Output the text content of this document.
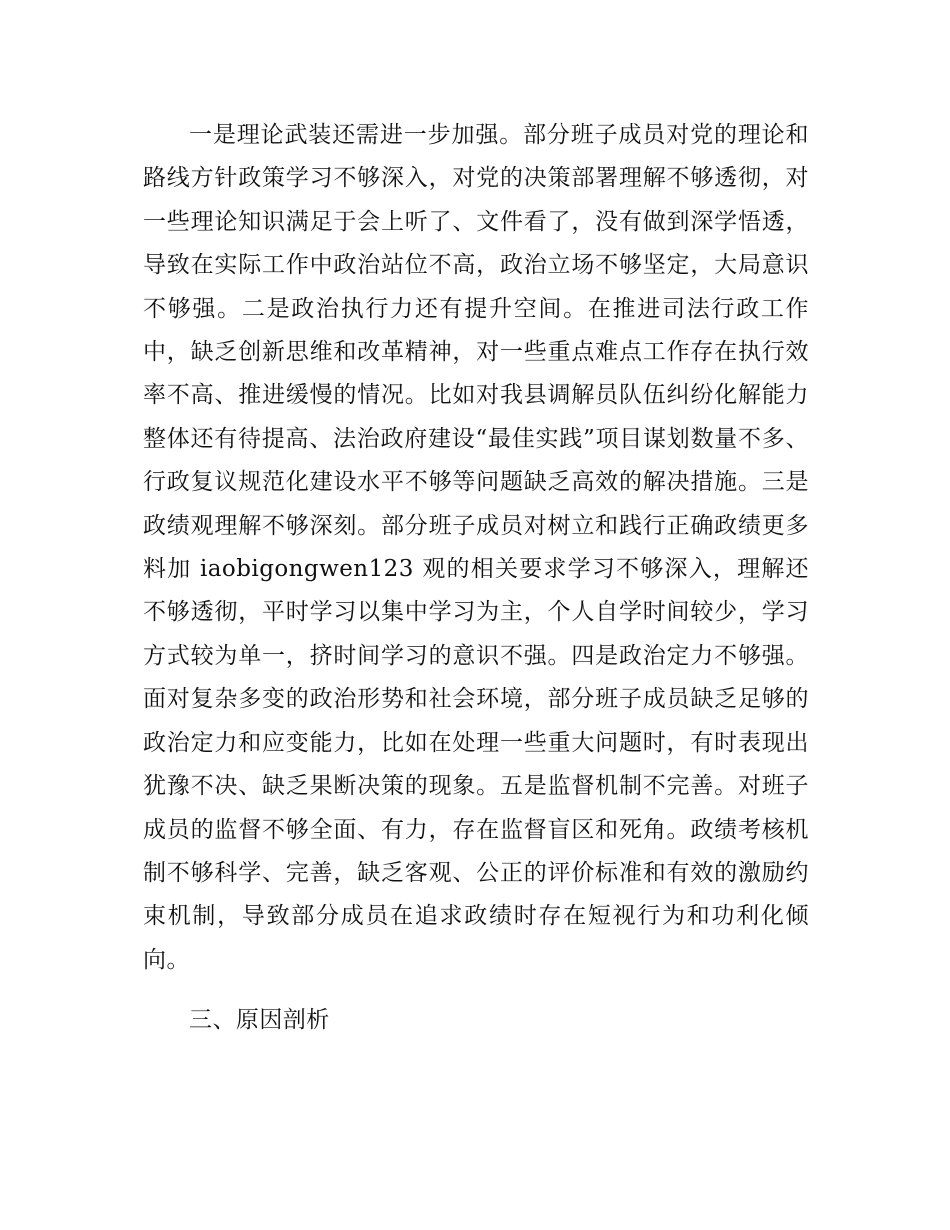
一是理论武装还需进一步加强。部分班子成员对党的理论和路线方针政策学习不够深入，对党的决策部署理解不够透彻，对一些理论知识满足于会上听了、文件看了，没有做到深学悟透，导致在实际工作中政治站位不高，政治立场不够坚定，大局意识不够强。二是政治执行力还有提升空间。在推进司法行政工作中，缺乏创新思维和改革精神，对一些重点难点工作存在执行效率不高、推进缓慢的情况。比如对我县调解员队伍纠纷化解能力整体还有待提高、法治政府建设“最佳实践”项目谋划数量不多、行政复议规范化建设水平不够等问题缺乏高效的解决措施。三是政绩观理解不够深刻。部分班子成员对树立和践行正确政绩更多料加 iaobigongwen123 观的相关要求学习不够深入，理解还不够透彻，平时学习以集中学习为主，个人自学时间较少，学习方式较为单一，挤时间学习的意识不强。四是政治定力不够强。面对复杂多变的政治形势和社会环境，部分班子成员缺乏足够的政治定力和应变能力，比如在处理一些重大问题时，有时表现出犹豫不决、缺乏果断决策的现象。五是监督机制不完善。对班子成员的监督不够全面、有力，存在监督盲区和死角。政绩考核机制不够科学、完善，缺乏客观、公正的评价标准和有效的激励约束机制，导致部分成员在追求政绩时存在短视行为和功利化倾向。

三、原因剖析
